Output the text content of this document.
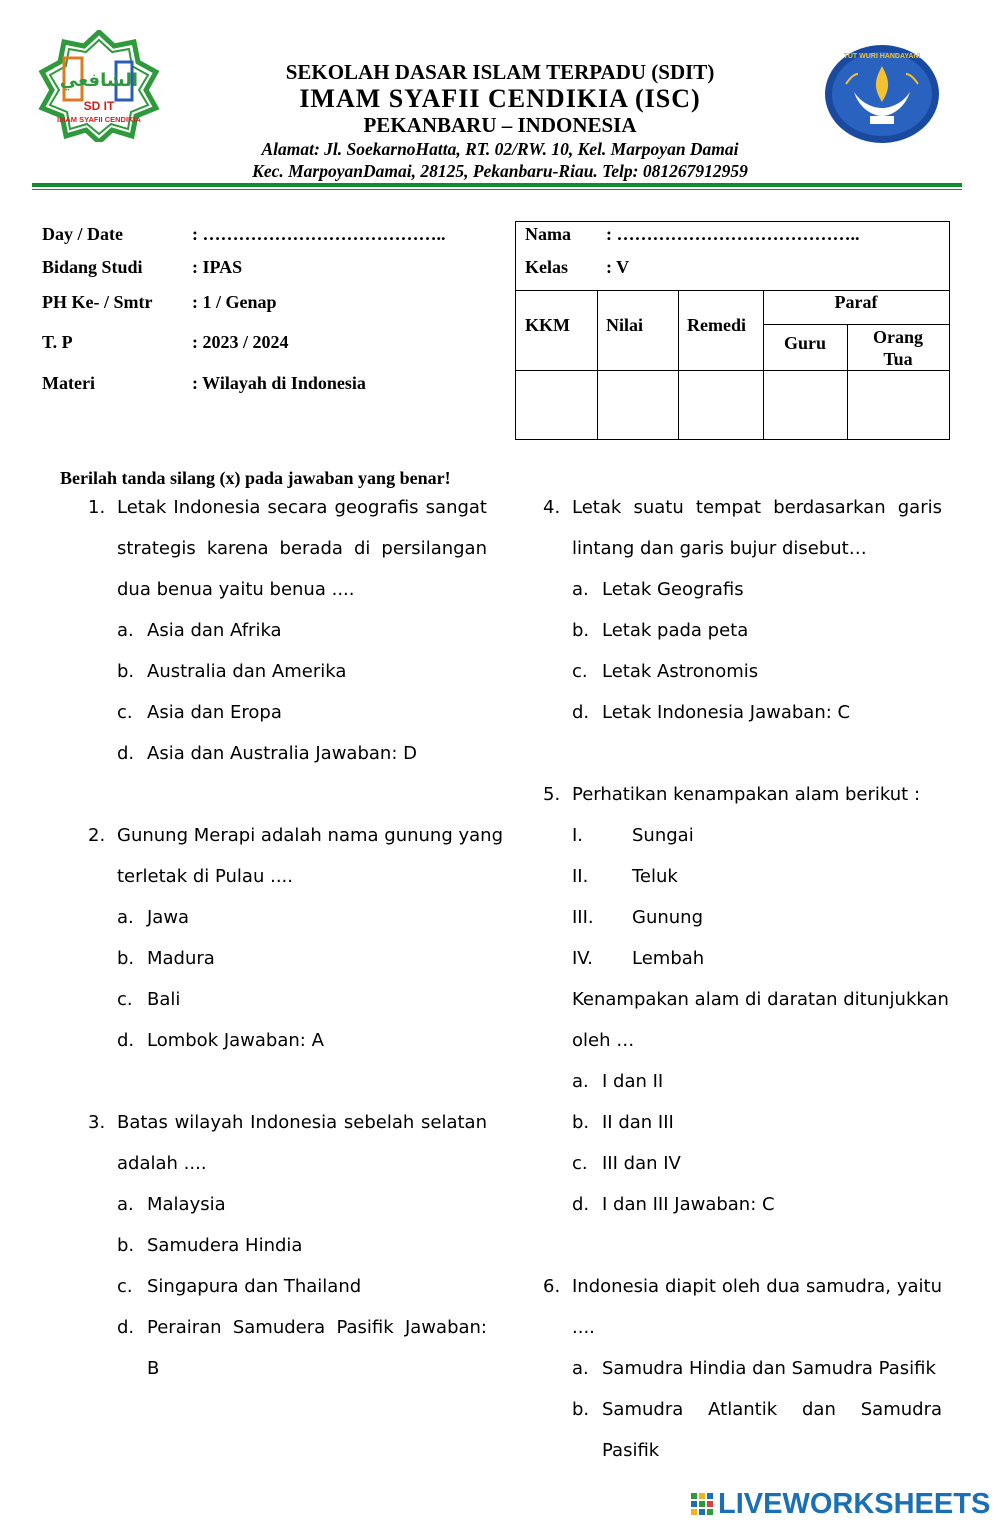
الشافعي
SD IT
IMAM SYAFII CENDIKIA
SEKOLAH DASAR ISLAM TERPADU (SDIT)
IMAM SYAFII CENDIKIA (ISC)
PEKANBARU – INDONESIA
Alamat: Jl. SoekarnoHatta, RT. 02/RW. 10, Kel. Marpoyan Damai
Kec. MarpoyanDamai, 28125, Pekanbaru-Riau. Telp: 081267912959
TUT WURI HANDAYANI
Day / Date	: …………………………………..
Bidang Studi	: IPAS
PH Ke- / Smtr : 1 / Genap
T. P	: 2023 / 2024
Materi	: Wilayah di Indonesia
Nama : …………………………………..
Kelas : V
KKM Nilai Remedi
Paraf
Guru	Orang
Tua
Berilah tanda silang (x) pada jawaban yang benar!
1. Letak Indonesia secara geografis sangat
strategis karena berada di persilangan
dua benua yaitu benua ....
a. Asia dan Afrika
b. Australia dan Amerika
c. Asia dan Eropa
d. Asia dan Australia Jawaban: D
2. Gunung Merapi adalah nama gunung yang
terletak di Pulau ....
a. Jawa
b. Madura
c. Bali
d. Lombok Jawaban: A
3. Batas wilayah Indonesia sebelah selatan
adalah ....
a. Malaysia
b. Samudera Hindia
c. Singapura dan Thailand
d. Perairan Samudera Pasifik Jawaban:
B
4. Letak suatu tempat berdasarkan garis
lintang dan garis bujur disebut…
a. Letak Geografis
b. Letak pada peta
c. Letak Astronomis
d. Letak Indonesia Jawaban: C
5. Perhatikan kenampakan alam berikut :
I.	Sungai
II. Teluk
III. Gunung
IV. Lembah
Kenampakan alam di daratan ditunjukkan
oleh …
a. I dan II
b. II dan III
c. III dan IV
d. I dan III Jawaban: C
6. Indonesia diapit oleh dua samudra, yaitu
....
a. Samudra Hindia dan Samudra Pasifik
b. Samudra    Atlantik    dan    Samudra
Pasifik
LIVEWORKSHEETS
